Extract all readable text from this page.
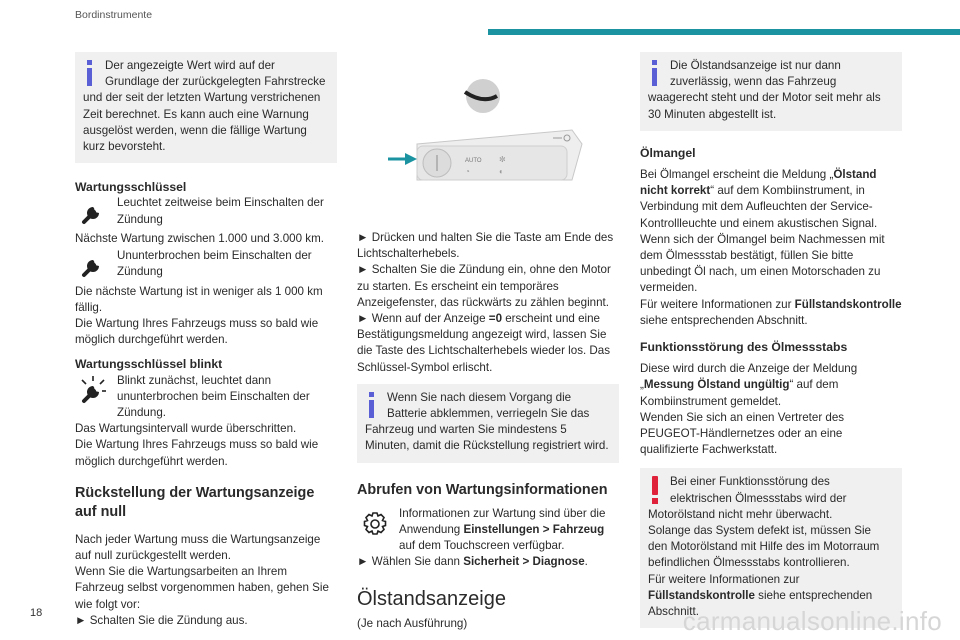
Bordinstrumente

Der angezeigte Wert wird auf der Grundlage der zurückgelegten Fahrstrecke und der seit der letzten Wartung verstrichenen Zeit berechnet. Es kann auch eine Warnung ausgelöst werden, wenn die fällige Wartung kurz bevorsteht.

Wartungsschlüssel

Leuchtet zeitweise beim Einschalten der Zündung

Nächste Wartung zwischen 1.000 und 3.000 km.

Ununterbrochen beim Einschalten der Zündung

Die nächste Wartung ist in weniger als 1 000 km fällig.

Die Wartung Ihres Fahrzeugs muss so bald wie möglich durchgeführt werden.

Wartungsschlüssel blinkt

Blinkt zunächst, leuchtet dann ununterbrochen beim Einschalten der Zündung.

Das Wartungsintervall wurde überschritten.

Die Wartung Ihres Fahrzeugs muss so bald wie möglich durchgeführt werden.

Rückstellung der Wartungsanzeige auf null

Nach jeder Wartung muss die Wartungsanzeige auf null zurückgestellt werden.

Wenn Sie die Wartungsarbeiten an Ihrem Fahrzeug selbst vorgenommen haben, gehen Sie wie folgt vor:

► Schalten Sie die Zündung aus.

AUTO ✼
◐
◔

► Drücken und halten Sie die Taste am Ende des Lichtschalterhebels.

► Schalten Sie die Zündung ein, ohne den Motor zu starten. Es erscheint ein temporäres Anzeigefenster, das rückwärts zu zählen beginnt.

► Wenn auf der Anzeige =0 erscheint und eine Bestätigungsmeldung angezeigt wird, lassen Sie die Taste des Lichtschalterhebels wieder los. Das Schlüssel-Symbol erlischt.

Wenn Sie nach diesem Vorgang die Batterie abklemmen, verriegeln Sie das Fahrzeug und warten Sie mindestens 5 Minuten, damit die Rückstellung registriert wird.

Abrufen von Wartungsinformationen

Informationen zur Wartung sind über die Anwendung Einstellungen > Fahrzeug auf dem Touchscreen verfügbar.

► Wählen Sie dann Sicherheit > Diagnose.

Ölstandsanzeige

(Je nach Ausführung)

Die Ölstandsanzeige ist nur dann zuverlässig, wenn das Fahrzeug waagerecht steht und der Motor seit mehr als 30 Minuten abgestellt ist.

Ölmangel

Bei Ölmangel erscheint die Meldung „Ölstand nicht korrekt“ auf dem Kombiinstrument, in Verbindung mit dem Aufleuchten der Service-Kontrollleuchte und einem akustischen Signal.

Wenn sich der Ölmangel beim Nachmessen mit dem Ölmessstab bestätigt, füllen Sie bitte unbedingt Öl nach, um einen Motorschaden zu vermeiden.

Für weitere Informationen zur Füllstandskontrolle siehe entsprechenden Abschnitt.

Funktionsstörung des Ölmessstabs

Diese wird durch die Anzeige der Meldung „Messung Ölstand ungültig“ auf dem Kombiinstrument gemeldet.

Wenden Sie sich an einen Vertreter des PEUGEOT-Händlernetzes oder an eine qualifizierte Fachwerkstatt.

Bei einer Funktionsstörung des elektrischen Ölmessstabs wird der Motorölstand nicht mehr überwacht.

Solange das System defekt ist, müssen Sie den Motorölstand mit Hilfe des im Motorraum befindlichen Ölmessstabs kontrollieren.

Für weitere Informationen zur Füllstandskontrolle siehe entsprechenden Abschnitt.

18	carmanualsonline.info
